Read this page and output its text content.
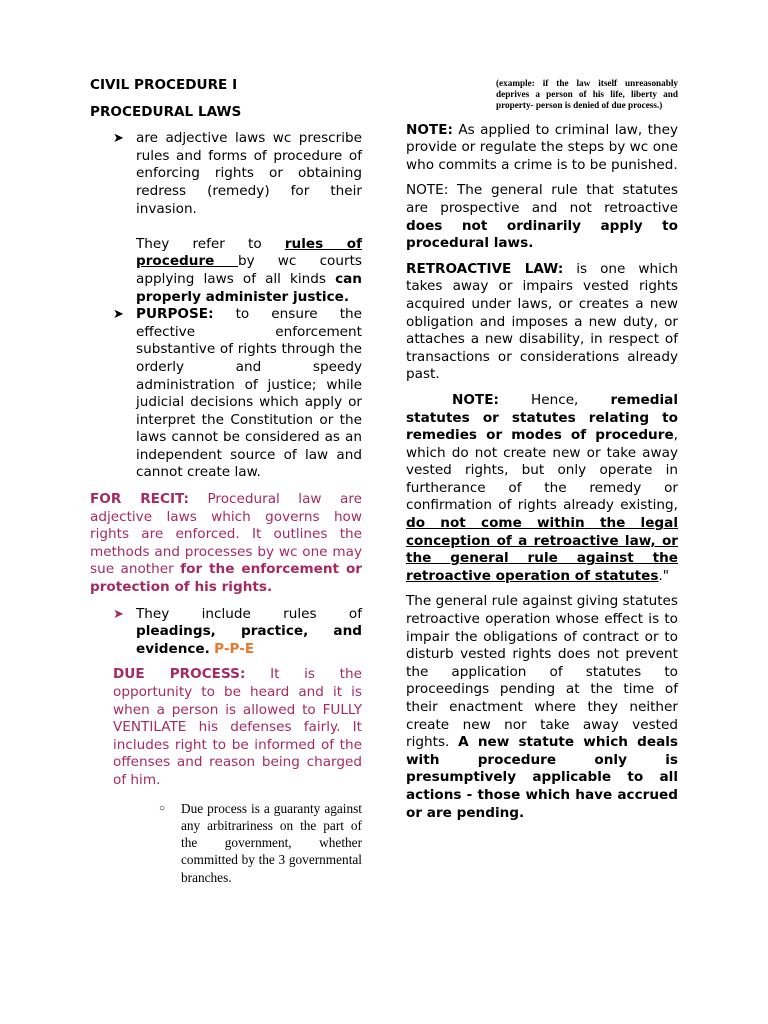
CIVIL PROCEDURE I
PROCEDURAL LAWS
➤ are adjective laws wc prescribe rules and forms of procedure of enforcing rights or obtaining redress (remedy) for their invasion.

They refer to rules of procedure by wc courts applying laws of all kinds can properly administer justice.

➤ PURPOSE: to ensure the effective enforcement substantive of rights through the orderly and speedy administration of justice; while judicial decisions which apply or interpret the Constitution or the laws cannot be considered as an independent source of law and cannot create law.

FOR RECIT: Procedural law are adjective laws which governs how rights are enforced. It outlines the methods and processes by wc one may sue another for the enforcement or protection of his rights.

➤ They include rules of pleadings, practice, and evidence. P-P-E

DUE PROCESS: It is the opportunity to be heard and it is when a person is allowed to FULLY VENTILATE his defenses fairly. It includes right to be informed of the offenses and reason being charged of him.

○ Due process is a guaranty against any arbitrariness on the part of the government, whether committed by the 3 governmental branches.
(example: if the law itself unreasonably deprives a person of his life, liberty and property- person is denied of due process.)

NOTE: As applied to criminal law, they provide or regulate the steps by wc one who commits a crime is to be punished.

NOTE: The general rule that statutes are prospective and not retroactive does not ordinarily apply to procedural laws.

RETROACTIVE LAW: is one which takes away or impairs vested rights acquired under laws, or creates a new obligation and imposes a new duty, or attaches a new disability, in respect of transactions or considerations already past.

NOTE: Hence, remedial statutes or statutes relating to remedies or modes of procedure, which do not create new or take away vested rights, but only operate in furtherance of the remedy or confirmation of rights already existing, do not come within the legal conception of a retroactive law, or the general rule against the retroactive operation of statutes."

The general rule against giving statutes retroactive operation whose effect is to impair the obligations of contract or to disturb vested rights does not prevent the application of statutes to proceedings pending at the time of their enactment where they neither create new nor take away vested rights. A new statute which deals with procedure only is presumptively applicable to all actions - those which have accrued or are pending.
